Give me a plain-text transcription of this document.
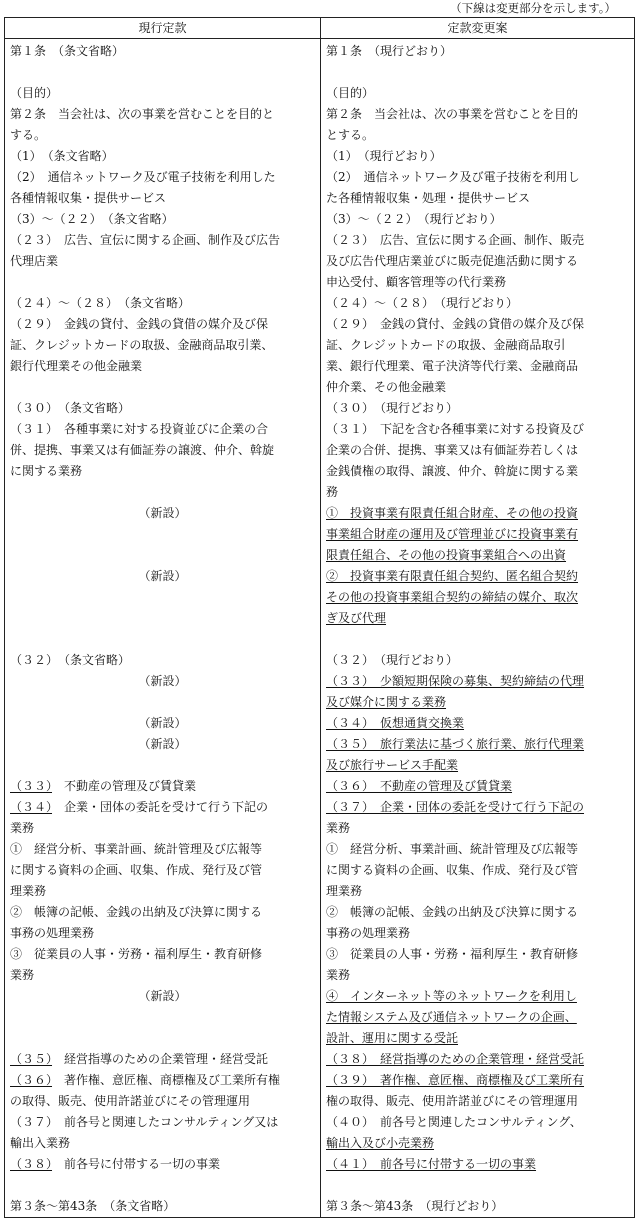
（下線は変更部分を示します。）
現行定款	定款変更案
第１条　（条文省略）	第１条　（現行どおり）

（目的）	（目的）
第２条　当会社は、次の事業を営むことを目的と	第２条　当会社は、次の事業を営むことを目的
する。	とする。
（1）　（条文省略）	（1）　（現行どおり）
（2）　通信ネットワーク及び電子技術を利用した	（2）　通信ネットワーク及び電子技術を利用し
各種情報収集・提供サービス	た各種情報収集・処理・提供サービス
（3）～（２２）　（条文省略）	（3）～（２２）　（現行どおり）
（２３）　広告、宣伝に関する企画、制作及び広告	（２３）　広告、宣伝に関する企画、制作、販売
代理店業	及び広告代理店業並びに販売促進活動に関する
	申込受付、顧客管理等の代行業務
（２４）～（２８）　（条文省略）	（２４）～（２８）　（現行どおり）
（２９）　金銭の貸付、金銭の貸借の媒介及び保	（２９）　金銭の貸付、金銭の貸借の媒介及び保
証、クレジットカードの取扱、金融商品取引業、	証、クレジットカードの取扱、金融商品取引
銀行代理業その他金融業	業、銀行代理業、電子決済等代行業、金融商品
	仲介業、その他金融業
（３０）　（条文省略）	（３０）　（現行どおり）
（３１）　各種事業に対する投資並びに企業の合	（３１）　下記を含む各種事業に対する投資及び
併、提携、事業又は有価証券の譲渡、仲介、斡旋	企業の合併、提携、事業又は有価証券若しくは
に関する業務	金銭債権の取得、譲渡、仲介、斡旋に関する業
	務
（新設）	①　投資事業有限責任組合財産、その他の投資
	事業組合財産の運用及び管理並びに投資事業有
	限責任組合、その他の投資事業組合への出資
（新設）	②　投資事業有限責任組合契約、匿名組合契約
	その他の投資事業組合契約の締結の媒介、取次
	ぎ及び代理

（３２）　（条文省略）	（３２）　（現行どおり）
（新設）	（３３）　少額短期保険の募集、契約締結の代理
	及び媒介に関する業務
（新設）	（３４）　仮想通貨交換業
（新設）	（３５）　旅行業法に基づく旅行業、旅行代理業
	及び旅行サービス手配業
（３３）　不動産の管理及び賃貸業	（３６）　不動産の管理及び賃貸業
（３４）　企業・団体の委託を受けて行う下記の	（３７）　企業・団体の委託を受けて行う下記の
業務	業務
①　経営分析、事業計画、統計管理及び広報等	①　経営分析、事業計画、統計管理及び広報等
に関する資料の企画、収集、作成、発行及び管	に関する資料の企画、収集、作成、発行及び管
理業務	理業務
②　帳簿の記帳、金銭の出納及び決算に関する	②　帳簿の記帳、金銭の出納及び決算に関する
事務の処理業務	事務の処理業務
③　従業員の人事・労務・福利厚生・教育研修	③　従業員の人事・労務・福利厚生・教育研修
業務	業務
（新設）	④　インターネット等のネットワークを利用し
	た情報システム及び通信ネットワークの企画、
	設計、運用に関する受託
（３５）　経営指導のための企業管理・経営受託	（３８）　経営指導のための企業管理・経営受託
（３６）　著作権、意匠権、商標権及び工業所有権	（３９）　著作権、意匠権、商標権及び工業所有
の取得、販売、使用許諾並びにその管理運用	権の取得、販売、使用許諾並びにその管理運用
（３７）　前各号と関連したコンサルティング又は	（４０）　前各号と関連したコンサルティング、
輸出入業務	輸出入及び小売業務
（３８）　前各号に付帯する一切の事業	（４１）　前各号に付帯する一切の事業

第３条～第43条　（条文省略）	第３条～第43条　（現行どおり）
